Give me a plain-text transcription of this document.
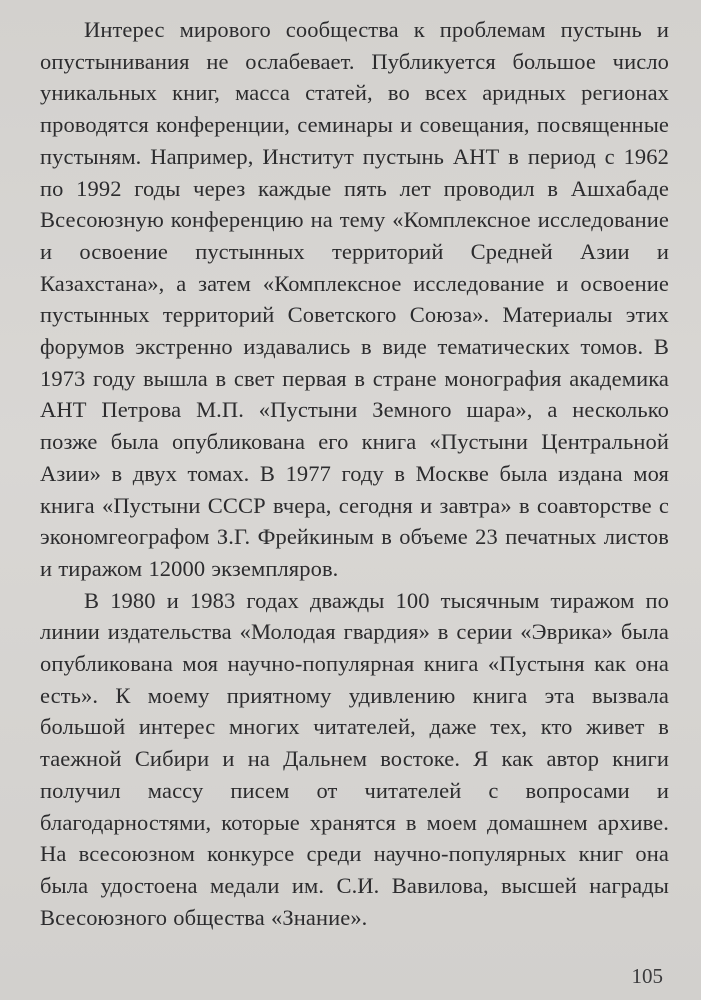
Интерес мирового сообщества к проблемам пустынь и опустынивания не ослабевает. Публикуется большое число уникальных книг, масса статей, во всех аридных регионах проводятся конференции, семинары и совещания, посвященные пустыням. Например, Институт пустынь АНТ в период с 1962 по 1992 годы через каждые пять лет проводил в Ашхабаде Всесоюзную конференцию на тему «Комплексное исследование и освоение пустынных территорий Средней Азии и Казахстана», а затем «Комплексное исследование и освоение пустынных территорий Советского Союза». Материалы этих форумов экстренно издавались в виде тематических томов. В 1973 году вышла в свет первая в стране монография академика АНТ Петрова М.П. «Пустыни Земного шара», а несколько позже была опубликована его книга «Пустыни Центральной Азии» в двух томах. В 1977 году в Москве была издана моя книга «Пустыни СССР вчера, сегодня и завтра» в соавторстве с экономгеографом З.Г. Фрейкиным в объеме 23 печатных листов и тиражом 12000 экземпляров.

В 1980 и 1983 годах дважды 100 тысячным тиражом по линии издательства «Молодая гвардия» в серии «Эврика» была опубликована моя научно-популярная книга «Пустыня как она есть». К моему приятному удивлению книга эта вызвала большой интерес многих читателей, даже тех, кто живет в таежной Сибири и на Дальнем востоке. Я как автор книги получил массу писем от читателей с вопросами и благодарностями, которые хранятся в моем домашнем архиве. На всесоюзном конкурсе среди научно-популярных книг она была удостоена медали им. С.И. Вавилова, высшей награды Всесоюзного общества «Знание».

105
